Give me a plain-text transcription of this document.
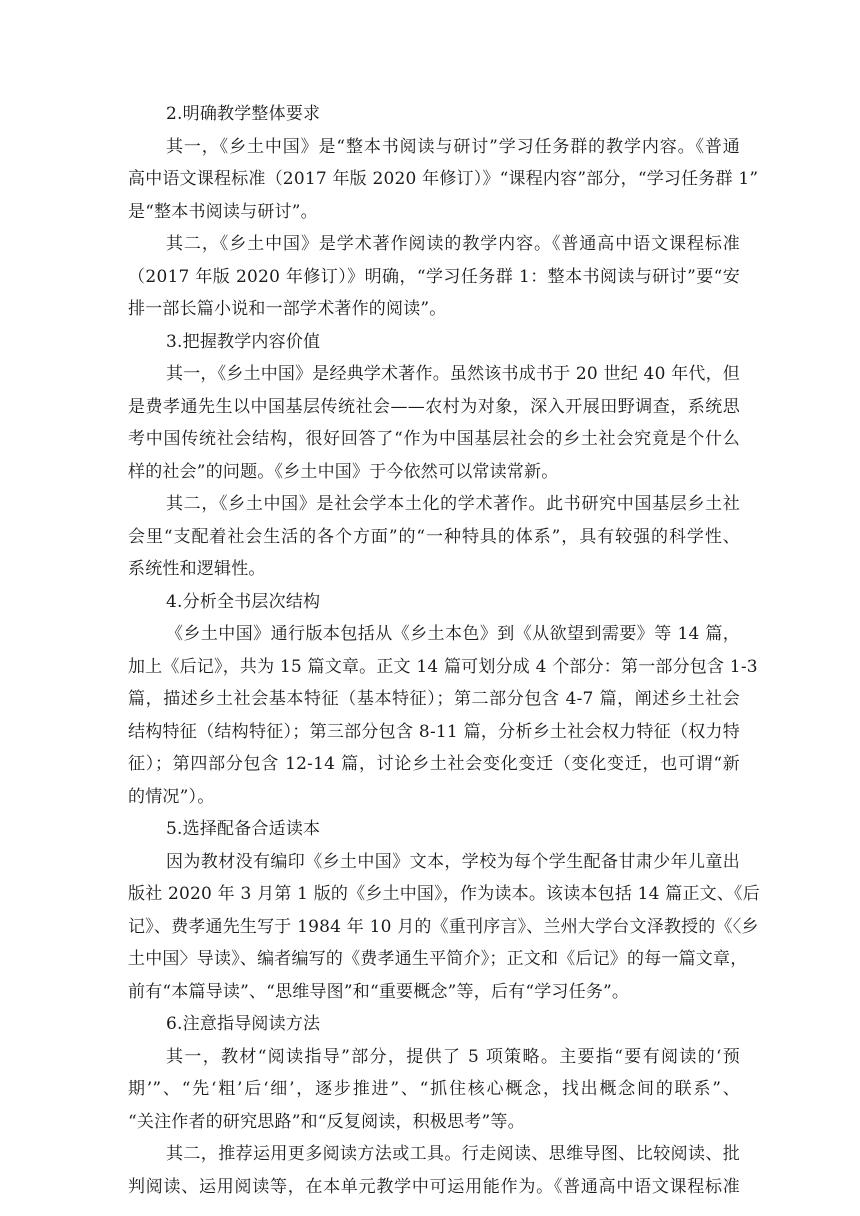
2.明确教学整体要求
其一，《乡土中国》是“整本书阅读与研讨”学习任务群的教学内容。《普通
高中语文课程标准（2017 年版 2020 年修订）》“课程内容”部分，“学习任务群 1”
是“整本书阅读与研讨”。
其二，《乡土中国》是学术著作阅读的教学内容。《普通高中语文课程标准
（2017 年版 2020 年修订）》明确，“学习任务群 1：整本书阅读与研讨”要“安
排一部长篇小说和一部学术著作的阅读”。
3.把握教学内容价值
其一，《乡土中国》是经典学术著作。虽然该书成书于 20 世纪 40 年代，但
是费孝通先生以中国基层传统社会——农村为对象，深入开展田野调查，系统思
考中国传统社会结构，很好回答了“作为中国基层社会的乡土社会究竟是个什么
样的社会”的问题。《乡土中国》于今依然可以常读常新。
其二，《乡土中国》是社会学本土化的学术著作。此书研究中国基层乡土社
会里“支配着社会生活的各个方面”的“一种特具的体系”，具有较强的科学性、
系统性和逻辑性。
4.分析全书层次结构
《乡土中国》通行版本包括从《乡土本色》到《从欲望到需要》等 14 篇，
加上《后记》，共为 15 篇文章。正文 14 篇可划分成 4 个部分：第一部分包含 1-3
篇，描述乡土社会基本特征（基本特征）；第二部分包含 4-7 篇，阐述乡土社会
结构特征（结构特征）；第三部分包含 8-11 篇，分析乡土社会权力特征（权力特
征）；第四部分包含 12-14 篇，讨论乡土社会变化变迁（变化变迁，也可谓“新
的情况”）。
5.选择配备合适读本
因为教材没有编印《乡土中国》文本，学校为每个学生配备甘肃少年儿童出
版社 2020 年 3 月第 1 版的《乡土中国》，作为读本。该读本包括 14 篇正文、《后
记》、费孝通先生写于 1984 年 10 月的《重刊序言》、兰州大学台文泽教授的《〈乡
土中国〉导读》、编者编写的《费孝通生平简介》；正文和《后记》的每一篇文章，
前有“本篇导读”、“思维导图”和“重要概念”等，后有“学习任务”。
6.注意指导阅读方法
其一，教材“阅读指导”部分，提供了 5 项策略。主要指“要有阅读的‘预
期’”、“先‘粗’后‘细’，逐步推进”、“抓住核心概念，找出概念间的联系”、
“关注作者的研究思路”和“反复阅读，积极思考”等。
其二，推荐运用更多阅读方法或工具。行走阅读、思维导图、比较阅读、批
判阅读、运用阅读等，在本单元教学中可运用能作为。《普通高中语文课程标准
